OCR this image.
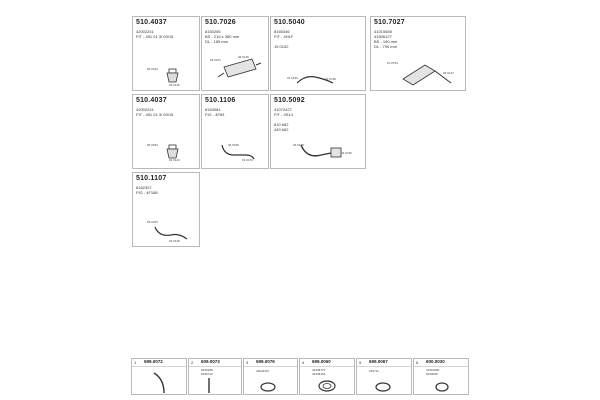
510.4037
42002241
FIT - 451 01 3/ 09/15
05 0123
03.0119
510.7026
8150255
BS - 216 x 380 mm
DL - 185 mm
03 0271
03 0145
510.5040
8165346
FIT - 4H1F
15 0152
01 0150	02 0748
510.7027
41010658
41506127
BS - 190 mm
DL - 790 mm
10 0753
03 0147
510.4037
42002241
FIT - 451 01 3/ 09/15
05 0183
03 0119
510.1106
8163081
FIG - 4F83
03 0155
03 0474
510.5092
41072427
FIT - 4S14
610 662
449 662
03 0178
03 0746
510.1107
8162307
FIG - 4F188
03 0156
03 0118
1 599.0072	2 609.0073
8156288
8156742
3 599.0076
42034467
4 699.0060
42208770
42308154
5 699.0067
249711
6 600.0030
41510580
8150008
